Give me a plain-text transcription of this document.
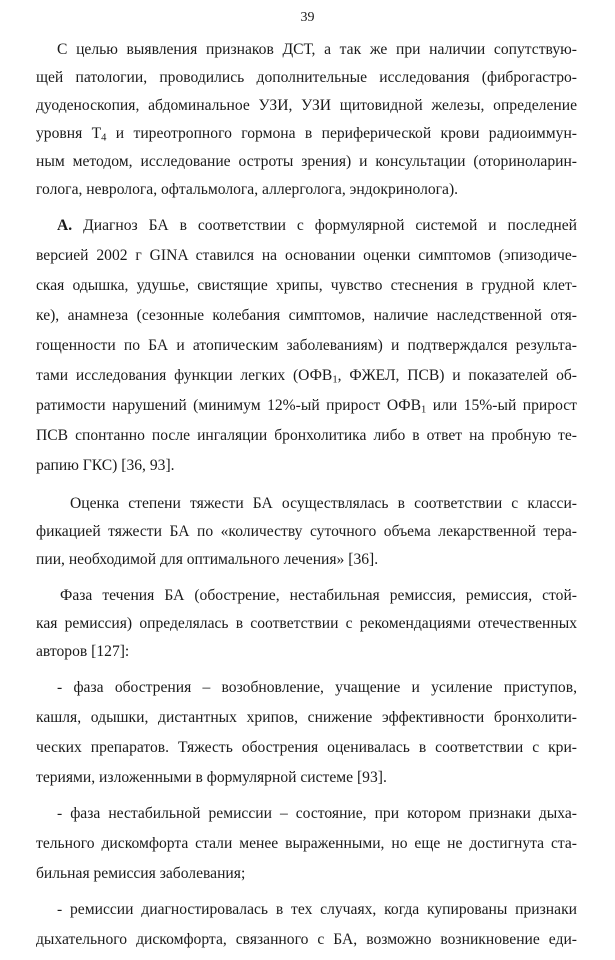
39
С целью выявления признаков ДСТ, а так же при наличии сопутствую-
щей патологии, проводились дополнительные исследования (фиброгастро-
дуоденоскопия, абдоминальное УЗИ, УЗИ щитовидной железы, определение
уровня $T_4$ и тиреотропного гормона в периферической крови радиоиммун-
ным методом, исследование остроты зрения) и консультации (оториноларин-
голога, невролога, офтальмолога, аллерголога, эндокринолога).
А. Диагноз БА в соответствии с формулярной системой и последней
версией 2002 г GINA ставился на основании оценки симптомов (эпизодиче-
ская одышка, удушье, свистящие хрипы, чувство стеснения в грудной клет-
ке), анамнеза (сезонные колебания симптомов, наличие наследственной отя-
гощенности по БА и атопическим заболеваниям) и подтверждался результа-
тами исследования функции легких ($ОФВ_1$, ФЖЕЛ, ПСВ) и показателей об-
ратимости нарушений (минимум 12%-ый прирост $ОФВ_1$ или 15%-ый прирост
ПСВ спонтанно после ингаляции бронхолитика либо в ответ на пробную те-
рапию ГКС) [36, 93].
Оценка степени тяжести БА осуществлялась в соответствии с класси-
фикацией тяжести БА по «количеству суточного объема лекарственной тера-
пии, необходимой для оптимального лечения» [36].
Фаза течения БА (обострение, нестабильная ремиссия, ремиссия, стой-
кая ремиссия) определялась в соответствии с рекомендациями отечественных
авторов [127]:
- фаза обострения – возобновление, учащение и усиление приступов,
кашля, одышки, дистантных хрипов, снижение эффективности бронхолити-
ческих препаратов. Тяжесть обострения оценивалась в соответствии с кри-
териями, изложенными в формулярной системе [93].
- фаза нестабильной ремиссии – состояние, при котором признаки дыха-
тельного дискомфорта стали менее выраженными, но еще не достигнута ста-
бильная ремиссия заболевания;
- ремиссии диагностировалась в тех случаях, когда купированы признаки
дыхательного дискомфорта, связанного с БА, возможно возникновение еди-
